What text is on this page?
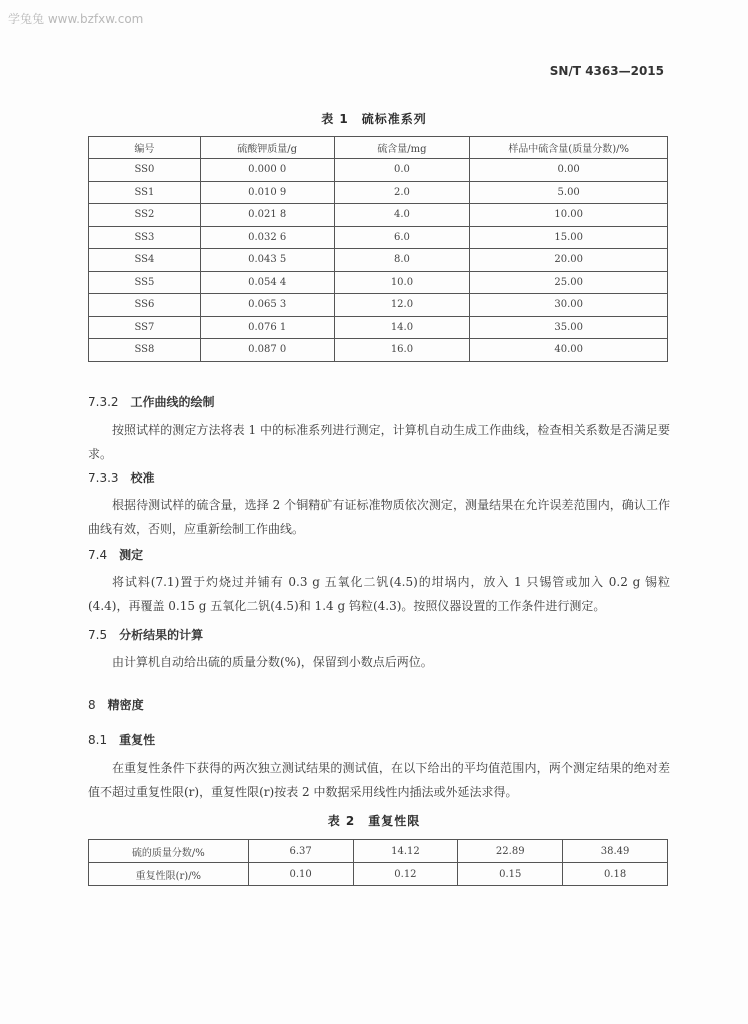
学兔兔 www.bzfxw.com
SN/T 4363—2015
表 1　硫标准系列
编号	硫酸钾质量/g	硫含量/mg	样品中硫含量(质量分数)/%
SS0	0.000 0	0.0	0.00
SS1	0.010 9	2.0	5.00
SS2	0.021 8	4.0	10.00
SS3	0.032 6	6.0	15.00
SS4	0.043 5	8.0	20.00
SS5	0.054 4	10.0	25.00
SS6	0.065 3	12.0	30.00
SS7	0.076 1	14.0	35.00
SS8	0.087 0	16.0	40.00
7.3.2 工作曲线的绘制
按照试样的测定方法将表 1 中的标准系列进行测定，计算机自动生成工作曲线，检查相关系数是否满足要求。
7.3.3 校准
根据待测试样的硫含量，选择 2 个铜精矿有证标准物质依次测定，测量结果在允许误差范围内，确认工作曲线有效，否则，应重新绘制工作曲线。
7.4 测定
将试料(7.1)置于灼烧过并铺有 0.3 g 五氧化二钒(4.5)的坩埚内，放入 1 只锡管或加入 0.2 g 锡粒(4.4)，再覆盖 0.15 g 五氧化二钒(4.5)和 1.4 g 钨粒(4.3)。按照仪器设置的工作条件进行测定。
7.5 分析结果的计算
由计算机自动给出硫的质量分数(%)，保留到小数点后两位。
8 精密度
8.1 重复性
在重复性条件下获得的两次独立测试结果的测试值，在以下给出的平均值范围内，两个测定结果的绝对差值不超过重复性限(r)，重复性限(r)按表 2 中数据采用线性内插法或外延法求得。
表 2　重复性限
硫的质量分数/%	6.37	14.12	22.89	38.49
重复性限(r)/%	0.10	0.12	0.15	0.18
